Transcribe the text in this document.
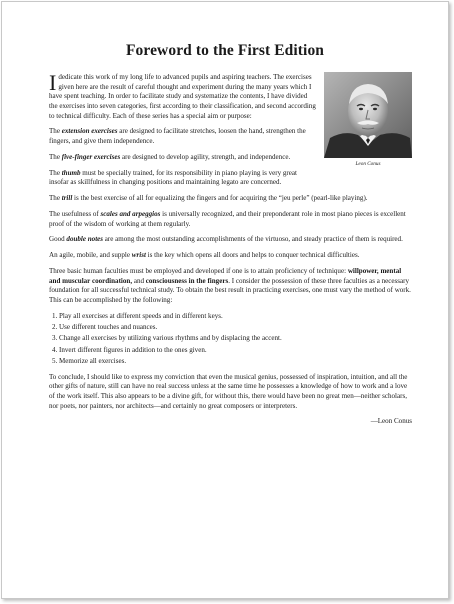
Foreword to the First Edition
Leon Conus

Idedicate this work of my long life to advanced pupils and aspiring teachers. The exercises given here are the result of careful thought and experiment during the many years which I have spent teaching. In order to facilitate study and systematize the contents, I have divided the exercises into seven categories, first according to their classification, and second according to technical difficulty. Each of these series has a special aim or purpose:

The extension exercises are designed to facilitate stretches, loosen the hand, strengthen the fingers, and give them independence.

The five-finger exercises are designed to develop agility, strength, and independence.

The thumb must be specially trained, for its responsibility in piano playing is very great insofar as skillfulness in changing positions and maintaining legato are concerned.

The trill is the best exercise of all for equalizing the fingers and for acquiring the “jeu perle” (pearl-like playing).

The usefulness of scales and arpeggios is universally recognized, and their preponderant role in most piano pieces is excellent proof of the wisdom of working at them regularly.

Good double notes are among the most outstanding accomplishments of the virtuoso, and steady practice of them is required.

An agile, mobile, and supple wrist is the key which opens all doors and helps to conquer technical difficulties.

Three basic human faculties must be employed and developed if one is to attain proficiency of technique: willpower, mental and muscular coordination, and consciousness in the fingers. I consider the possession of these three faculties as a necessary foundation for all successful technical study. To obtain the best result in practicing exercises, one must vary the method of work. This can be accomplished by the following:

1. Play all exercises at different speeds and in different keys.
2. Use different touches and nuances.
3. Change all exercises by utilizing various rhythms and by displacing the accent.
4. Invert different figures in addition to the ones given.
5. Memorize all exercises.

To conclude, I should like to express my conviction that even the musical genius, possessed of inspiration, intuition, and all the other gifts of nature, still can have no real success unless at the same time he possesses a knowledge of how to work and a love of the work itself. This also appears to be a divine gift, for without this, there would have been no great men—neither scholars, nor poets, nor painters, nor architects—and certainly no great composers or interpreters.

—Leon Conus
